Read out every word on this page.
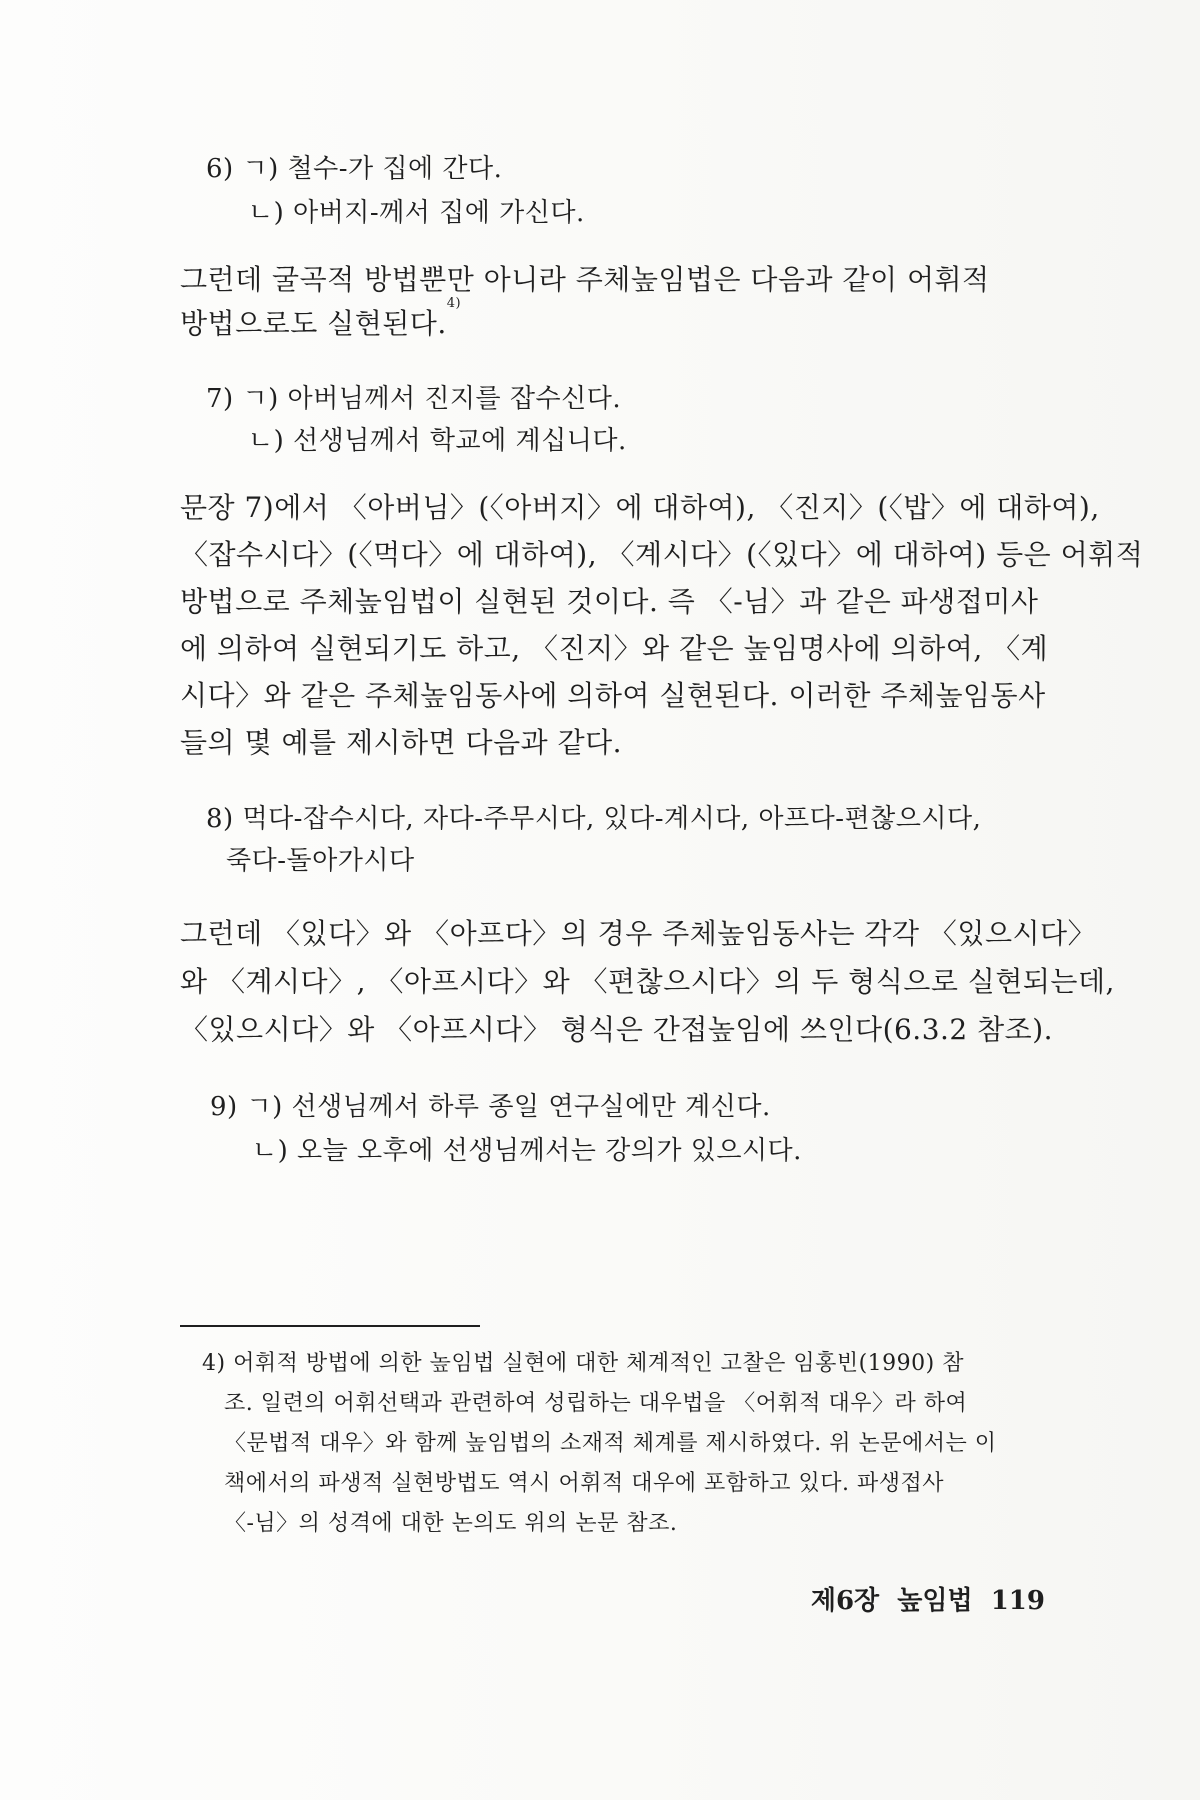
6) ㄱ) 철수-가 집에 간다.
ㄴ) 아버지-께서 집에 가신다.
그런데 굴곡적 방법뿐만 아니라 주체높임법은 다음과 같이 어휘적
방법으로도 실현된다.$^{4)}$
7) ㄱ) 아버님께서 진지를 잡수신다.
ㄴ) 선생님께서 학교에 계십니다.
문장 7)에서 〈아버님〉(〈아버지〉에 대하여), 〈진지〉(〈밥〉에 대하여),
〈잡수시다〉(〈먹다〉에 대하여), 〈계시다〉(〈있다〉에 대하여) 등은 어휘적
방법으로 주체높임법이 실현된 것이다. 즉 〈-님〉과 같은 파생접미사
에 의하여 실현되기도 하고, 〈진지〉와 같은 높임명사에 의하여, 〈계
시다〉와 같은 주체높임동사에 의하여 실현된다. 이러한 주체높임동사
들의 몇 예를 제시하면 다음과 같다.
8) 먹다-잡수시다, 자다-주무시다, 있다-계시다, 아프다-편찮으시다,
죽다-돌아가시다
그런데 〈있다〉와 〈아프다〉의 경우 주체높임동사는 각각 〈있으시다〉
와 〈계시다〉, 〈아프시다〉와 〈편찮으시다〉의 두 형식으로 실현되는데,
〈있으시다〉와 〈아프시다〉 형식은 간접높임에 쓰인다(6.3.2 참조).
9) ㄱ) 선생님께서 하루 종일 연구실에만 계신다.
ㄴ) 오늘 오후에 선생님께서는 강의가 있으시다.
4) 어휘적 방법에 의한 높임법 실현에 대한 체계적인 고찰은 임홍빈(1990) 참
조. 일련의 어휘선택과 관련하여 성립하는 대우법을 〈어휘적 대우〉라 하여
〈문법적 대우〉와 함께 높임법의 소재적 체계를 제시하였다. 위 논문에서는 이
책에서의 파생적 실현방법도 역시 어휘적 대우에 포함하고 있다. 파생접사
〈-님〉의 성격에 대한 논의도 위의 논문 참조.
제6장  높임법 119
